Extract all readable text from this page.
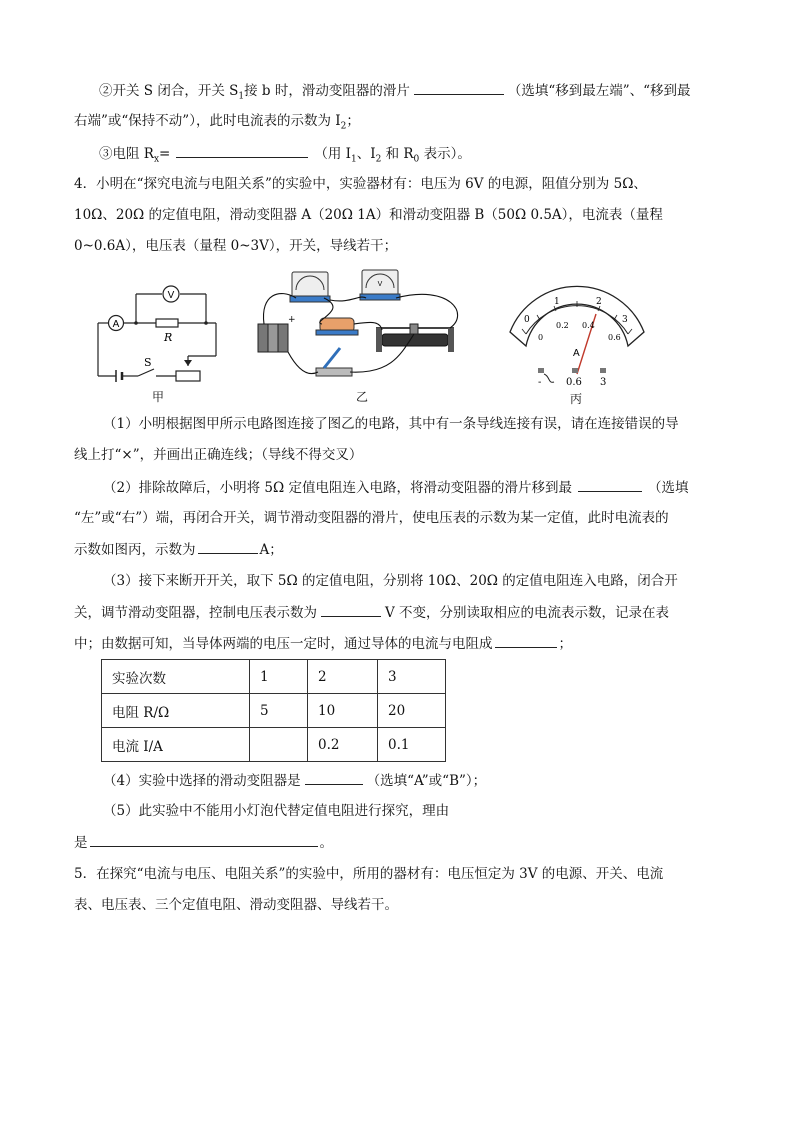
②开关 S 闭合，开关 $S_1$接 b 时，滑动变阻器的滑片	（选填“移到最左端”、“移到最
右端”或“保持不动”），此时电流表的示数为 $I_2$；
③电阻 $R_x=$	（用 $I_1$、$I_2$ 和 $R_0$ 表示）。
4．小明在“探究电流与电阻关系”的实验中，实验器材有：电压为 6V 的电源，阻值分别为 5Ω、
10Ω、20Ω 的定值电阻，滑动变阻器 A（20Ω 1A）和滑动变阻器 B（50Ω 0.5A），电流表（量程
0~0.6A），电压表（量程 0~3V），开关，导线若干；
A
V
R
S
甲
V
+
乙
0
1	2
3
0
0.2 0.4
0.6
A
- 0.6 3
丙
（1）小明根据图甲所示电路图连接了图乙的电路，其中有一条导线连接有误，请在连接错误的导
线上打“×”，并画出正确连线；（导线不得交叉）
（2）排除故障后，小明将 5Ω 定值电阻连入电路，将滑动变阻器的滑片移到最	（选填
“左”或“右”）端，再闭合开关，调节滑动变阻器的滑片，使电压表的示数为某一定值，此时电流表的
示数如图丙，示数为	A；
（3）接下来断开开关，取下 5Ω 的定值电阻，分别将 10Ω、20Ω 的定值电阻连入电路，闭合开
关，调节滑动变阻器，控制电压表示数为	V 不变，分别读取相应的电流表示数，记录在表
中；由数据可知，当导体两端的电压一定时，通过导体的电流与电阻成	；
实验次数	1	2	3
电阻 R/Ω	5	10	20
电流 I/A		0.2	0.1
（4）实验中选择的滑动变阻器是	（选填“A”或“B”）；
（5）此实验中不能用小灯泡代替定值电阻进行探究，理由
是	。
5．在探究“电流与电压、电阻关系”的实验中，所用的器材有：电压恒定为 3V 的电源、开关、电流
表、电压表、三个定值电阻、滑动变阻器、导线若干。
